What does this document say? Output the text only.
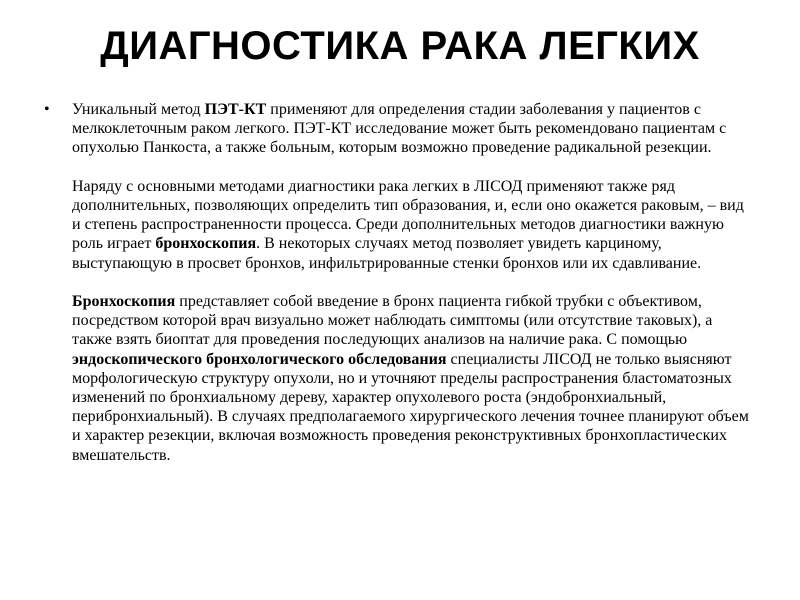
ДИАГНОСТИКА РАКА ЛЕГКИХ
•	Уникальный метод ПЭТ-КТ применяют для определения стадии заболевания у пациентов с мелкоклеточным раком легкого. ПЭТ-КТ исследование может быть рекомендовано пациентам с опухолью Панкоста, а также больным, которым возможно проведение радикальной резекции.

Наряду с основными методами диагностики рака легких в ЛІСОД применяют также ряд дополнительных, позволяющих определить тип образования, и, если оно окажется раковым, – вид и степень распространенности процесса. Среди дополнительных методов диагностики важную роль играет бронхоскопия. В некоторых случаях метод позволяет увидеть карциному, выступающую в просвет бронхов, инфильтрированные стенки бронхов или их сдавливание.

Бронхоскопия представляет собой введение в бронх пациента гибкой трубки с объективом, посредством которой врач визуально может наблюдать симптомы (или отсутствие таковых), а также взять биоптат для проведения последующих анализов на наличие рака. С помощью эндоскопического бронхологического обследования специалисты ЛІСОД не только выясняют морфологическую структуру опухоли, но и уточняют пределы распространения бластоматозных изменений по бронхиальному дереву, характер опухолевого роста (эндобронхиальный, перибронхиальный). В случаях предполагаемого хирургического лечения точнее планируют объем и характер резекции, включая возможность проведения реконструктивных бронхопластических вмешательств.
